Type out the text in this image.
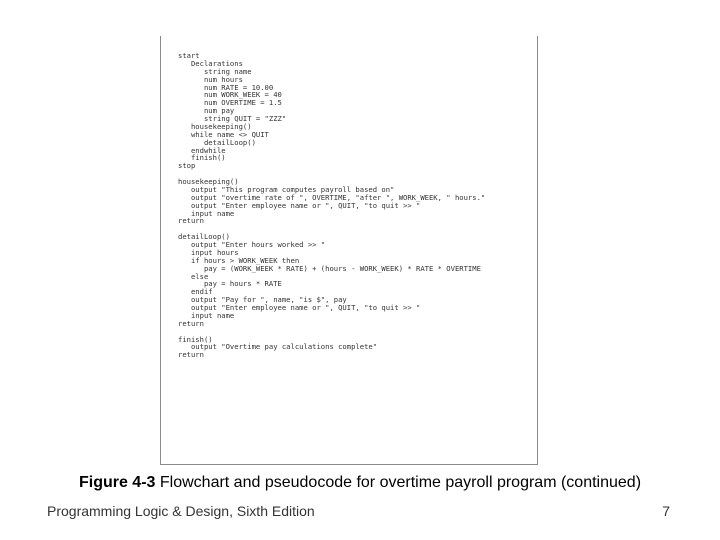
start
Declarations
string name
num hours
num RATE = 10.00
num WORK_WEEK = 40
num OVERTIME = 1.5
num pay
string QUIT = "ZZZ"
housekeeping()
while name <> QUIT
detailLoop()
endwhile
finish()
stop
housekeeping()
output "This program computes payroll based on"
output "overtime rate of ", OVERTIME, "after ", WORK_WEEK, " hours."
output "Enter employee name or ", QUIT, "to quit >> "
input name
return
detailLoop()
output "Enter hours worked >> "
input hours
if hours > WORK_WEEK then
pay = (WORK_WEEK * RATE) + (hours - WORK_WEEK) * RATE * OVERTIME
else
pay = hours * RATE
endif
output "Pay for ", name, "is $", pay
output "Enter employee name or ", QUIT, "to quit >> "
input name
return
finish()
output "Overtime pay calculations complete"
return
Figure 4-3 Flowchart and pseudocode for overtime payroll program (continued)
Programming Logic & Design, Sixth Edition	7
